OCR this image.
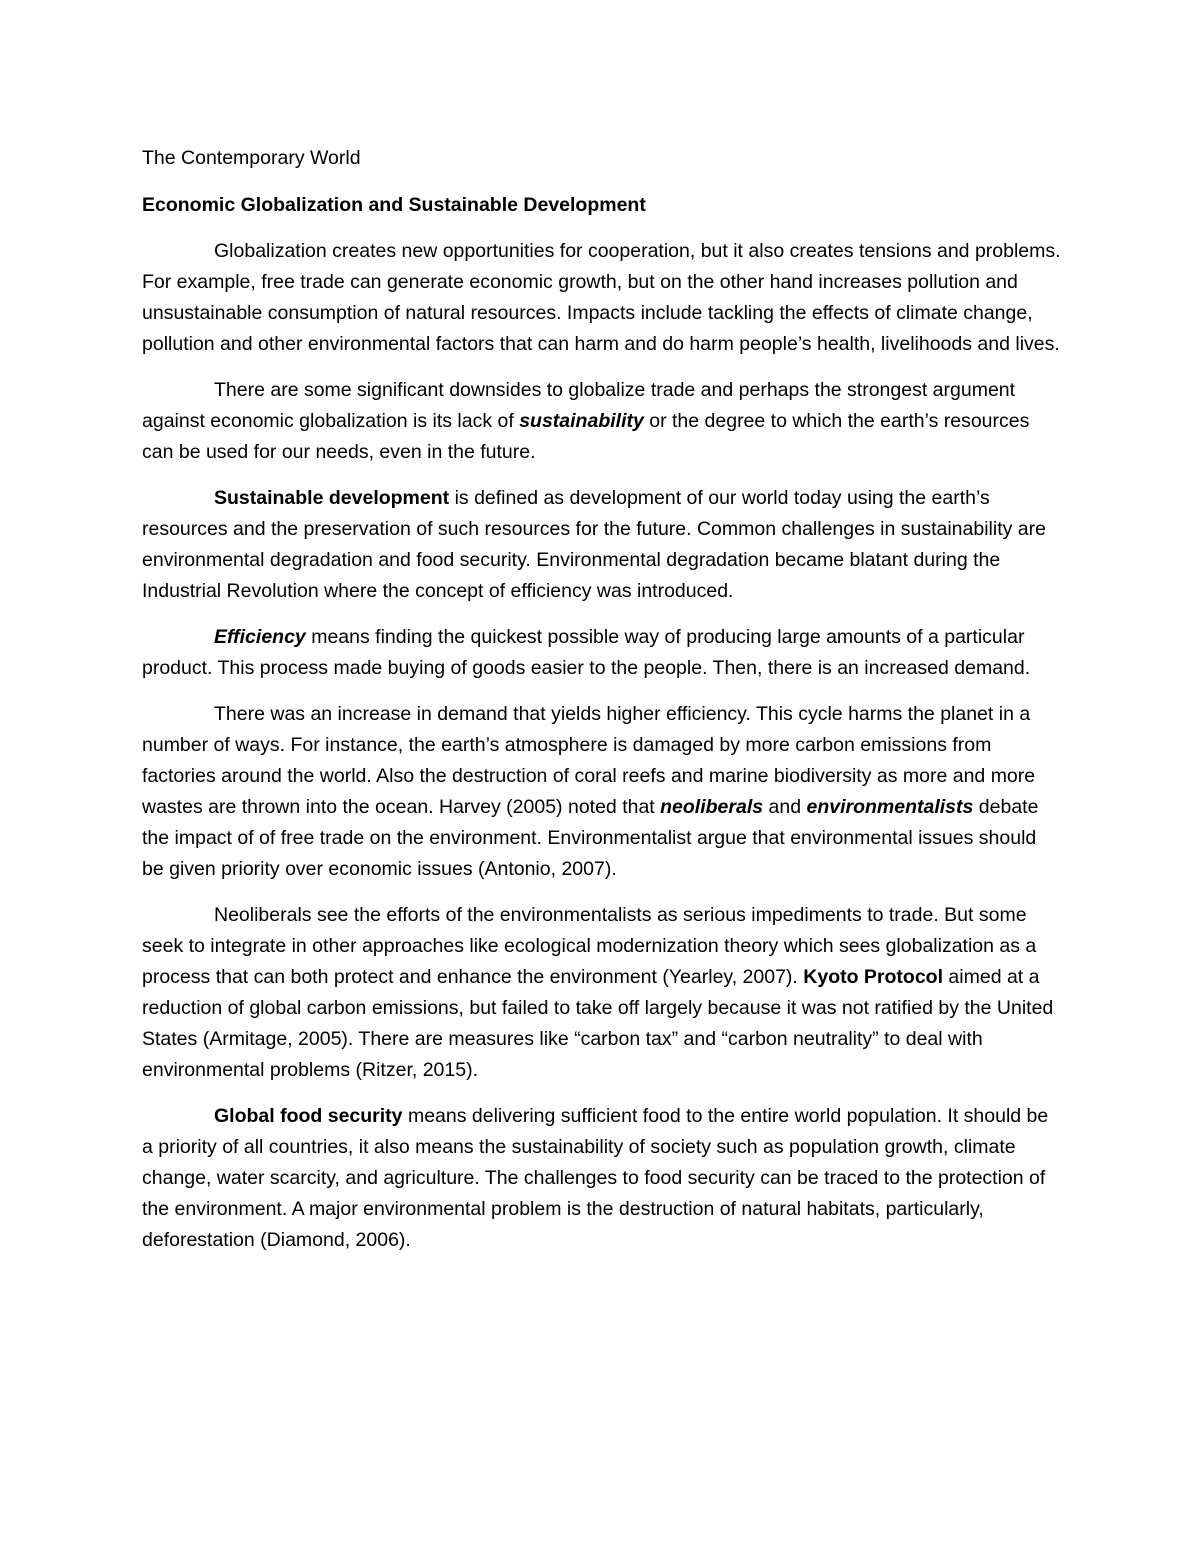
The Contemporary World

Economic Globalization and Sustainable Development

Globalization creates new opportunities for cooperation, but it also creates tensions and problems. For example, free trade can generate economic growth, but on the other hand increases pollution and unsustainable consumption of natural resources. Impacts include tackling the effects of climate change, pollution and other environmental factors that can harm and do harm people’s health, livelihoods and lives.

There are some significant downsides to globalize trade and perhaps the strongest argument against economic globalization is its lack of sustainability or the degree to which the earth’s resources can be used for our needs, even in the future.

Sustainable development is defined as development of our world today using the earth’s resources and the preservation of such resources for the future. Common challenges in sustainability are environmental degradation and food security. Environmental degradation became blatant during the Industrial Revolution where the concept of efficiency was introduced.

Efficiency means finding the quickest possible way of producing large amounts of a particular product. This process made buying of goods easier to the people. Then, there is an increased demand.

There was an increase in demand that yields higher efficiency. This cycle harms the planet in a number of ways. For instance, the earth’s atmosphere is damaged by more carbon emissions from factories around the world. Also the destruction of coral reefs and marine biodiversity as more and more wastes are thrown into the ocean. Harvey (2005) noted that neoliberals and environmentalists debate the impact of of free trade on the environment. Environmentalist argue that environmental issues should be given priority over economic issues (Antonio, 2007).

Neoliberals see the efforts of the environmentalists as serious impediments to trade. But some seek to integrate in other approaches like ecological modernization theory which sees globalization as a process that can both protect and enhance the environment (Yearley, 2007). Kyoto Protocol aimed at a reduction of global carbon emissions, but failed to take off largely because it was not ratified by the United States (Armitage, 2005). There are measures like “carbon tax” and “carbon neutrality” to deal with environmental problems (Ritzer, 2015).

Global food security means delivering sufficient food to the entire world population. It should be a priority of all countries, it also means the sustainability of society such as population growth, climate change, water scarcity, and agriculture. The challenges to food security can be traced to the protection of the environment. A major environmental problem is the destruction of natural habitats, particularly, deforestation (Diamond, 2006).
